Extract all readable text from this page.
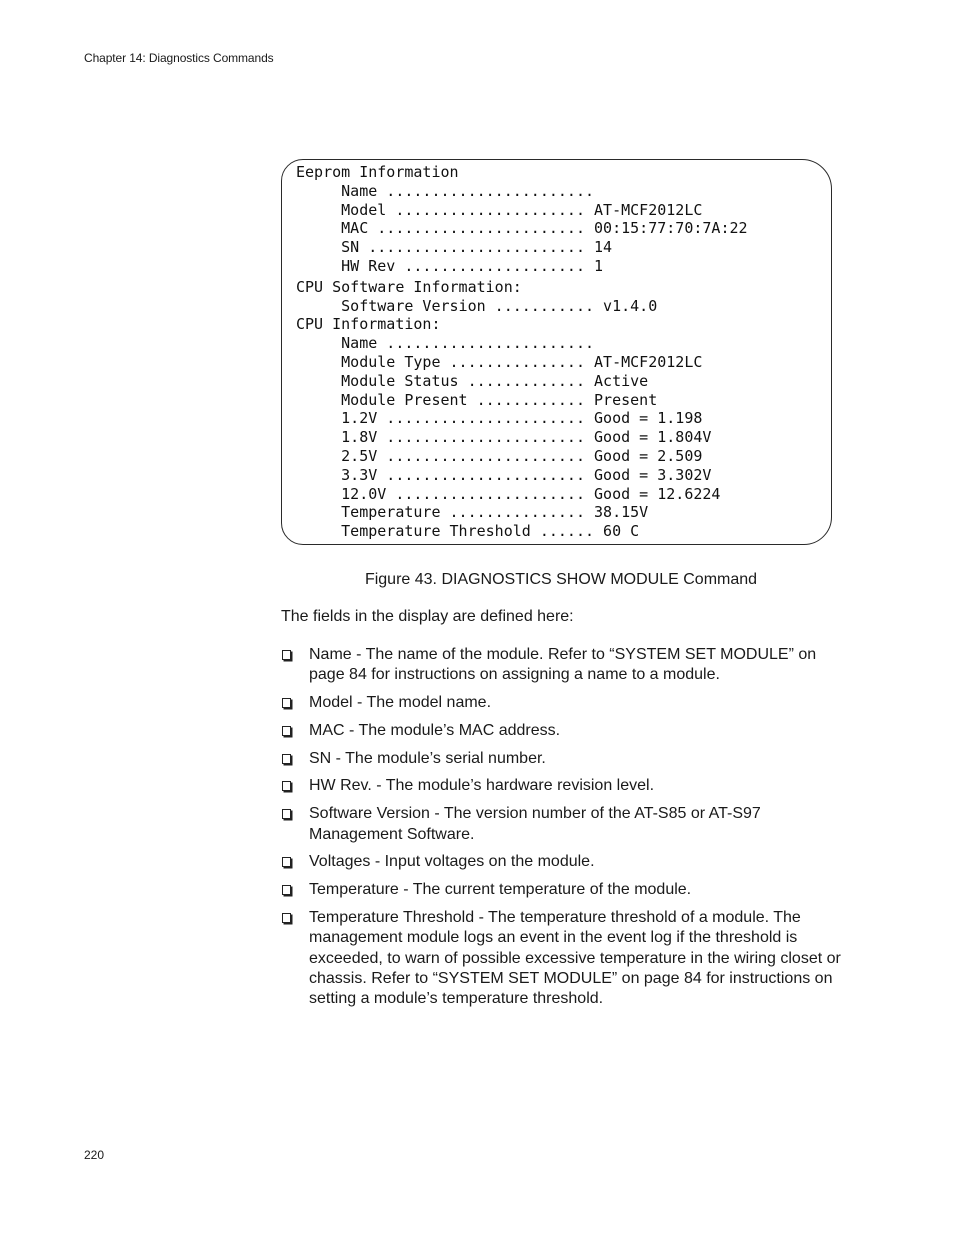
Chapter 14: Diagnostics Commands
Eeprom Information
Name .......................
Model ..................... AT-MCF2012LC
MAC ....................... 00:15:77:70:7A:22
SN ........................ 14
HW Rev .................... 1
CPU Software Information:
Software Version ........... v1.4.0
CPU Information:
Name .......................
Module Type ............... AT-MCF2012LC
Module Status ............. Active
Module Present ............ Present
1.2V ...................... Good = 1.198
1.8V ...................... Good = 1.804V
2.5V ...................... Good = 2.509
3.3V ...................... Good = 3.302V
12.0V ..................... Good = 12.6224
Temperature ............... 38.15V
Temperature Threshold ...... 60 C
Figure 43. DIAGNOSTICS SHOW MODULE Command
The fields in the display are defined here:
Name - The name of the module. Refer to “SYSTEM SET MODULE” on page 84 for instructions on assigning a name to a module.
Model - The model name.
MAC - The module’s MAC address.
SN - The module’s serial number.
HW Rev. - The module’s hardware revision level.
Software Version - The version number of the AT-S85 or AT-S97 Management Software.
Voltages - Input voltages on the module.
Temperature - The current temperature of the module.
Temperature Threshold - The temperature threshold of a module. The management module logs an event in the event log if the threshold is exceeded, to warn of possible excessive temperature in the wiring closet or chassis. Refer to “SYSTEM SET MODULE” on page 84 for instructions on setting a module’s temperature threshold.
220
